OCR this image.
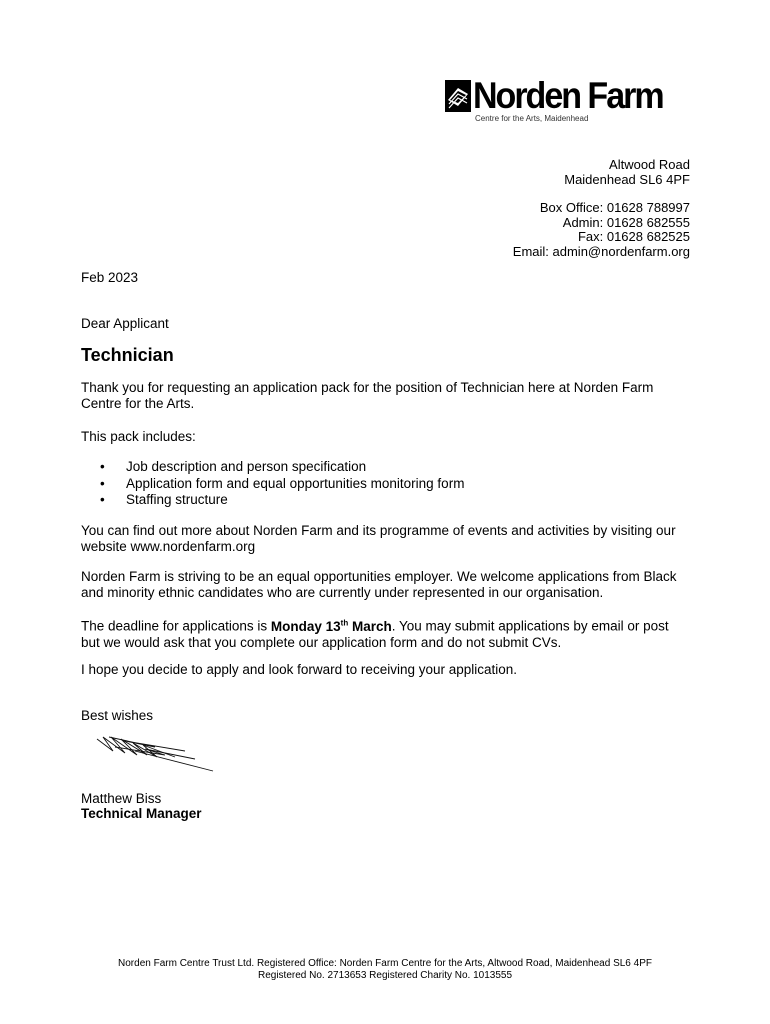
Norden Farm
Centre for the Arts, Maidenhead
Altwood Road
Maidenhead SL6 4PF
Box Office: 01628 788997
Admin: 01628 682555
Fax: 01628 682525
Email: admin@nordenfarm.org
Feb 2023
Dear Applicant
Technician
Thank you for requesting an application pack for the position of Technician here at Norden Farm Centre for the Arts.
This pack includes:
• Job description and person specification
• Application form and equal opportunities monitoring form
• Staffing structure
You can find out more about Norden Farm and its programme of events and activities by visiting our website www.nordenfarm.org
Norden Farm is striving to be an equal opportunities employer. We welcome applications from Black and minority ethnic candidates who are currently under represented in our organisation.
The deadline for applications is Monday 13th March. You may submit applications by email or post but we would ask that you complete our application form and do not submit CVs.
I hope you decide to apply and look forward to receiving your application.
Best wishes
Matthew Biss
Technical Manager
Norden Farm Centre Trust Ltd. Registered Office: Norden Farm Centre for the Arts, Altwood Road, Maidenhead SL6 4PF
Registered No. 2713653 Registered Charity No. 1013555
